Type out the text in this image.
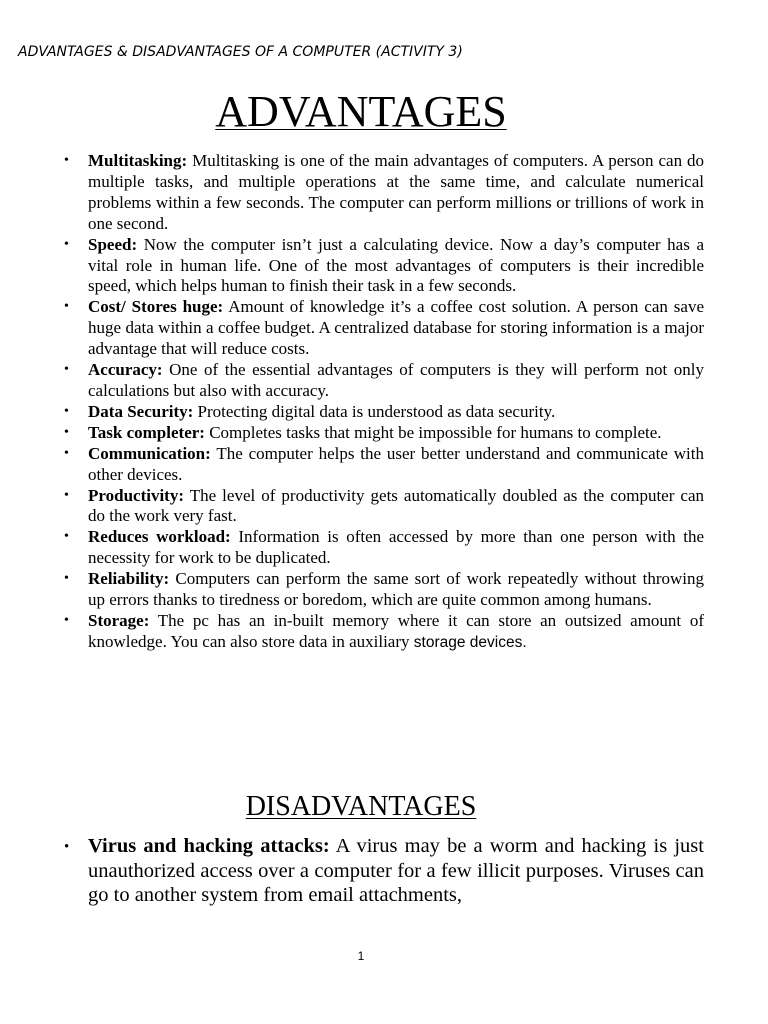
ADVANTAGES & DISADVANTAGES OF A COMPUTER (ACTIVITY 3)
ADVANTAGES
• Multitasking: Multitasking is one of the main advantages of computers. A person can do multiple tasks, and multiple operations at the same time, and calculate numerical problems within a few seconds. The computer can perform millions or trillions of work in one second.
• Speed: Now the computer isn’t just a calculating device. Now a day’s computer has a vital role in human life. One of the most advantages of computers is their incredible speed, which helps human to finish their task in a few seconds.
• Cost/ Stores huge: Amount of knowledge it’s a coffee cost solution. A person can save huge data within a coffee budget. A centralized database for storing information is a major advantage that will reduce costs.
• Accuracy: One of the essential advantages of computers is they will perform not only calculations but also with accuracy.
• Data Security: Protecting digital data is understood as data security.
• Task completer: Completes tasks that might be impossible for humans to complete.
• Communication: The computer helps the user better understand and communicate with other devices.
• Productivity: The level of productivity gets automatically doubled as the computer can do the work very fast.
• Reduces workload: Information is often accessed by more than one person with the necessity for work to be duplicated.
• Reliability: Computers can perform the same sort of work repeatedly without throwing up errors thanks to tiredness or boredom, which are quite common among humans.
• Storage: The pc has an in-built memory where it can store an outsized amount of knowledge. You can also store data in auxiliary storage devices.
DISADVANTAGES
• Virus and hacking attacks: A virus may be a worm and hacking is just unauthorized access over a computer for a few illicit purposes. Viruses can go to another system from email attachments,
1
